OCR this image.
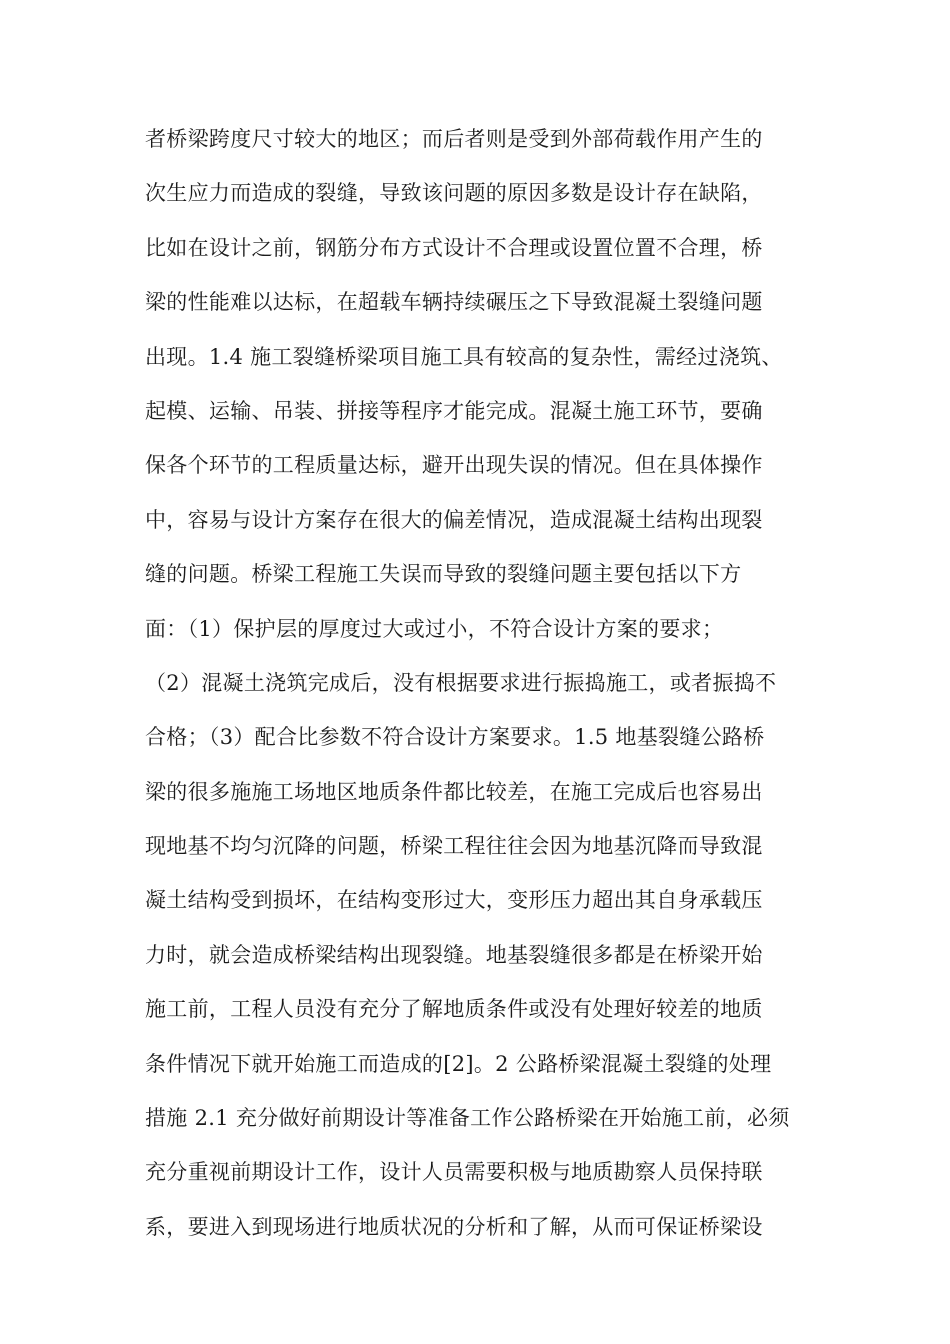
者桥梁跨度尺寸较大的地区；而后者则是受到外部荷载作用产生的
次生应力而造成的裂缝，导致该问题的原因多数是设计存在缺陷，
比如在设计之前，钢筋分布方式设计不合理或设置位置不合理，桥
梁的性能难以达标，在超载车辆持续碾压之下导致混凝土裂缝问题
出现。1.4 施工裂缝桥梁项目施工具有较高的复杂性，需经过浇筑、
起模、运输、吊装、拼接等程序才能完成。混凝土施工环节，要确
保各个环节的工程质量达标，避开出现失误的情况。但在具体操作
中，容易与设计方案存在很大的偏差情况，造成混凝土结构出现裂
缝的问题。桥梁工程施工失误而导致的裂缝问题主要包括以下方
面：（1）保护层的厚度过大或过小，不符合设计方案的要求；
（2）混凝土浇筑完成后，没有根据要求进行振捣施工，或者振捣不
合格；（3）配合比参数不符合设计方案要求。1.5 地基裂缝公路桥
梁的很多施施工场地区地质条件都比较差，在施工完成后也容易出
现地基不均匀沉降的问题，桥梁工程往往会因为地基沉降而导致混
凝土结构受到损坏，在结构变形过大，变形压力超出其自身承载压
力时，就会造成桥梁结构出现裂缝。地基裂缝很多都是在桥梁开始
施工前，工程人员没有充分了解地质条件或没有处理好较差的地质
条件情况下就开始施工而造成的[2]。2 公路桥梁混凝土裂缝的处理
措施 2.1 充分做好前期设计等准备工作公路桥梁在开始施工前，必须
充分重视前期设计工作，设计人员需要积极与地质勘察人员保持联
系，要进入到现场进行地质状况的分析和了解，从而可保证桥梁设
